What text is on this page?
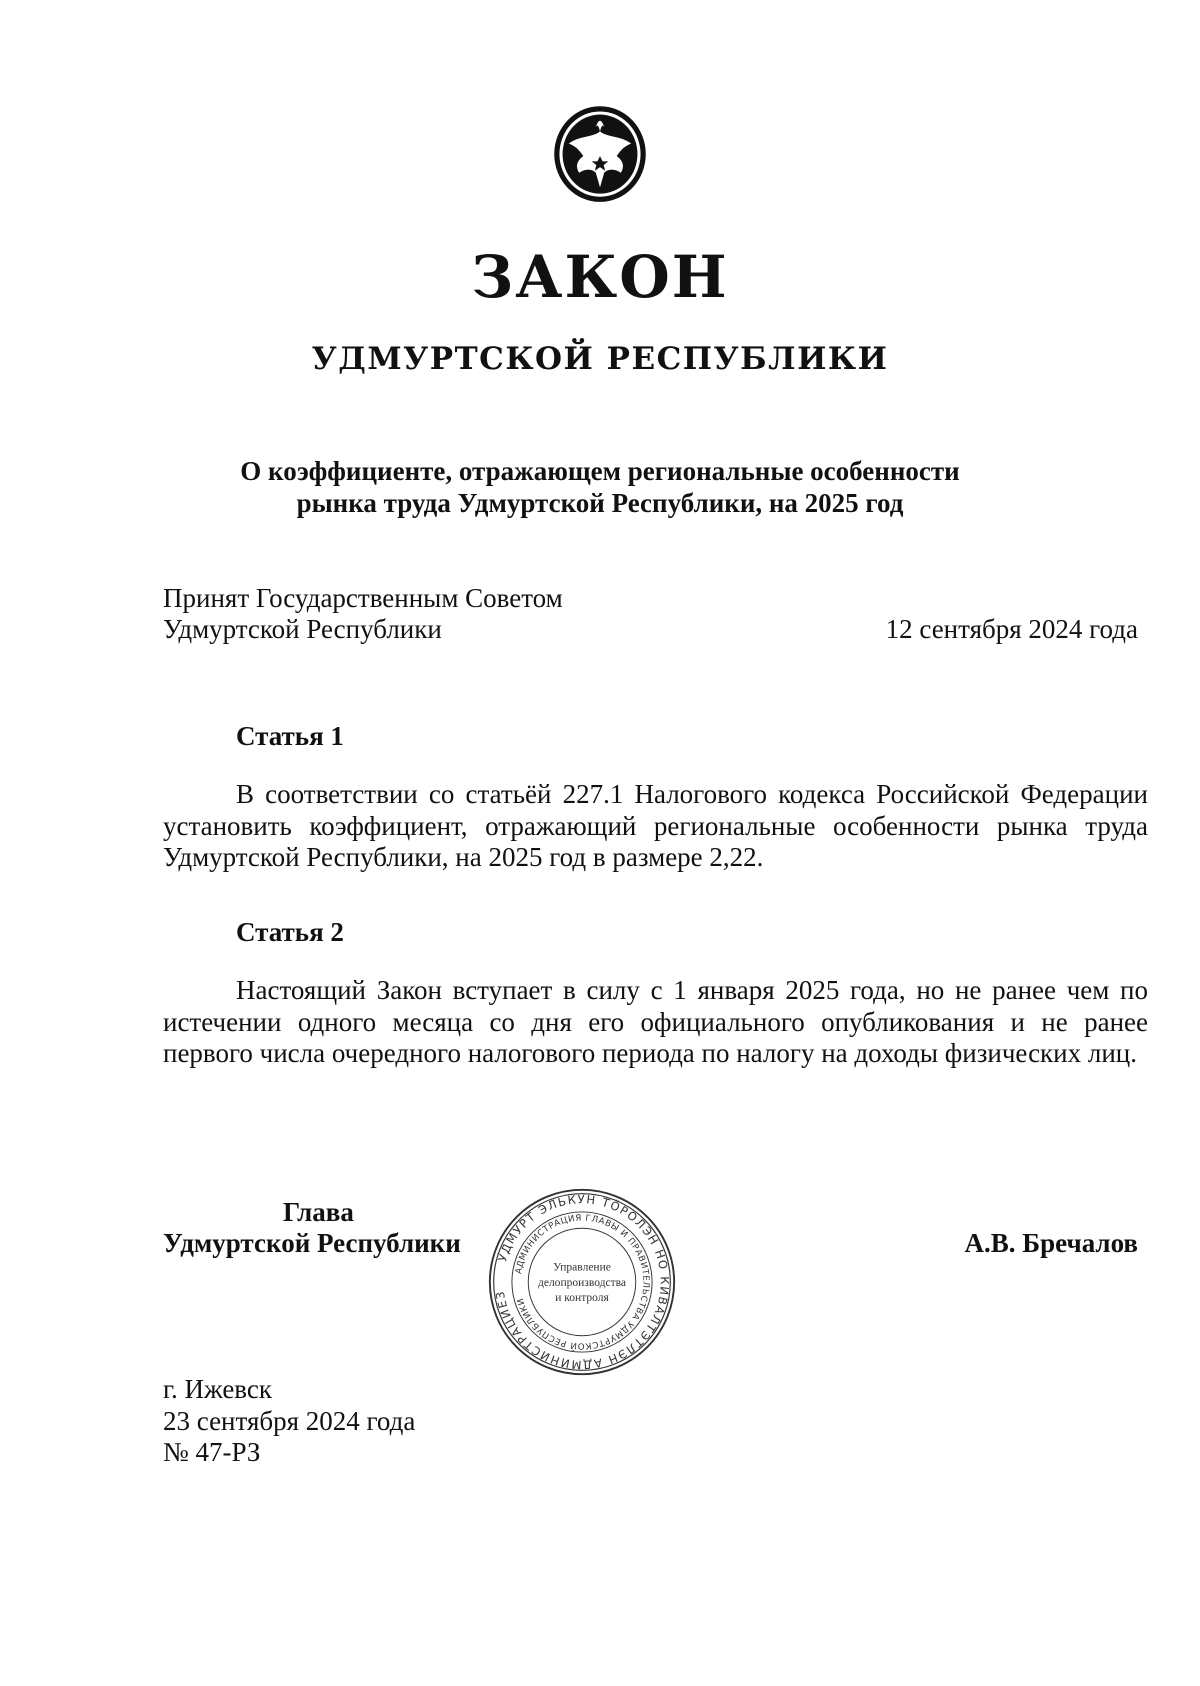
ЗАКОН
УДМУРТСКОЙ РЕСПУБЛИКИ
О коэффициенте, отражающем региональные особенности
рынка труда Удмуртской Республики, на 2025 год
Принят Государственным Советом
Удмуртской Республики	12 сентября 2024 года
Статья 1

В соответствии со статьёй 227.1 Налогового кодекса Российской Федерации установить коэффициент, отражающий региональные особенности рынка труда Удмуртской Республики, на 2025 год в размере 2,22.

Статья 2

Настоящий Закон вступает в силу с 1 января 2025 года, но не ранее чем по истечении одного месяца со дня его официального опубликования и не ранее первого числа очередного налогового периода по налогу на доходы физических лиц.

Глава
Удмуртской Республики	А.В. Бречалов
УДМУРТ ЭЛЬКУН ТӦРОЛЭН НО КИВАЛТЭТЛЭН АДМИНИСТРАЦИЕЗ
АДМИНИСТРАЦИЯ ГЛАВЫ И ПРАВИТЕЛЬСТВА УДМУРТСКОЙ РЕСПУБЛИКИ
Управление
делопроизводства
и контроля
г. Ижевск
23 сентября 2024 года
№ 47-РЗ
